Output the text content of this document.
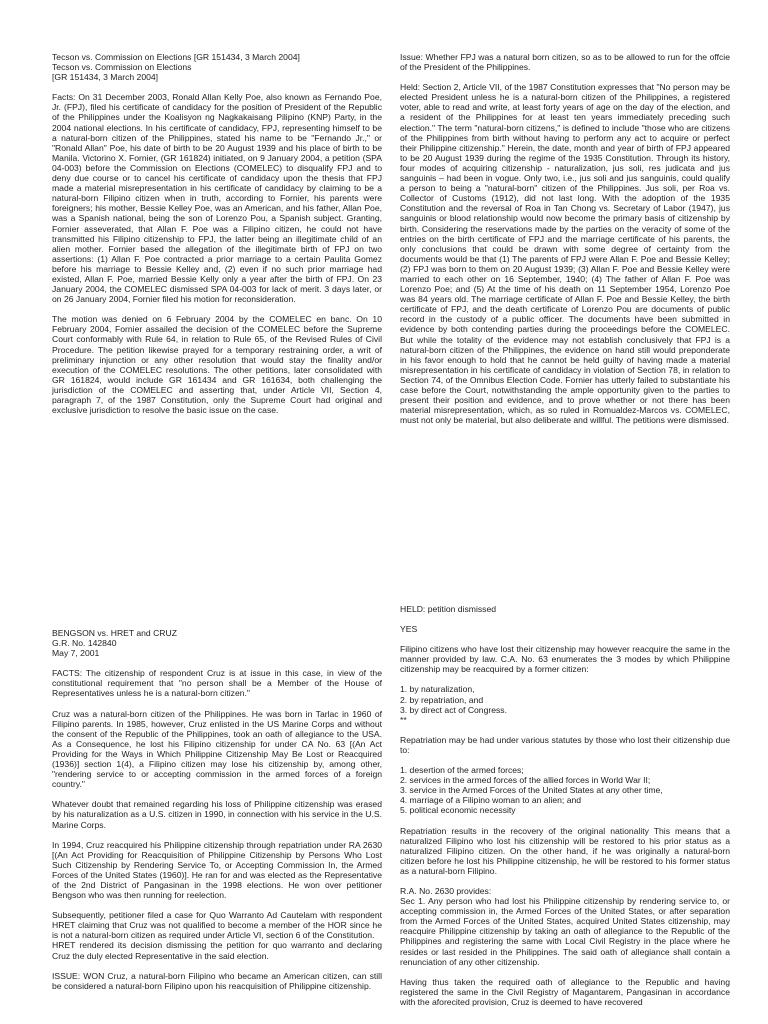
Tecson vs. Commission on Elections [GR 151434, 3 March 2004]
Tecson vs. Commission on Elections
[GR 151434, 3 March 2004]

Facts: On 31 December 2003, Ronald Allan Kelly Poe, also known as Fernando Poe, Jr. (FPJ), filed his certificate of candidacy for the position of President of the Republic of the Philippines under the Koalisyon ng Nagkakaisang Pilipino (KNP) Party, in the 2004 national elections. In his certificate of candidacy, FPJ, representing himself to be a natural-born citizen of the Philippines, stated his name to be "Fernando Jr.," or "Ronald Allan" Poe, his date of birth to be 20 August 1939 and his place of birth to be Manila. Victorino X. Fornier, (GR 161824) initiated, on 9 January 2004, a petition (SPA 04-003) before the Commission on Elections (COMELEC) to disqualify FPJ and to deny due course or to cancel his certificate of candidacy upon the thesis that FPJ made a material misrepresentation in his certificate of candidacy by claiming to be a natural-born Filipino citizen when in truth, according to Fornier, his parents were foreigners; his mother, Bessie Kelley Poe, was an American, and his father, Allan Poe, was a Spanish national, being the son of Lorenzo Pou, a Spanish subject. Granting, Fornier asseverated, that Allan F. Poe was a Filipino citizen, he could not have transmitted his Filipino citizenship to FPJ, the latter being an illegitimate child of an alien mother. Fornier based the allegation of the illegitimate birth of FPJ on two assertions: (1) Allan F. Poe contracted a prior marriage to a certain Paulita Gomez before his marriage to Bessie Kelley and, (2) even if no such prior marriage had existed, Allan F. Poe, married Bessie Kelly only a year after the birth of FPJ. On 23 January 2004, the COMELEC dismissed SPA 04-003 for lack of merit. 3 days later, or on 26 January 2004, Fornier filed his motion for reconsideration.

The motion was denied on 6 February 2004 by the COMELEC en banc. On 10 February 2004, Fornier assailed the decision of the COMELEC before the Supreme Court conformably with Rule 64, in relation to Rule 65, of the Revised Rules of Civil Procedure. The petition likewise prayed for a temporary restraining order, a writ of preliminary injunction or any other resolution that would stay the finality and/or execution of the COMELEC resolutions. The other petitions, later consolidated with GR 161824, would include GR 161434 and GR 161634, both challenging the jurisdiction of the COMELEC and asserting that, under Article VII, Section 4, paragraph 7, of the 1987 Constitution, only the Supreme Court had original and exclusive jurisdiction to resolve the basic issue on the case.

Issue: Whether FPJ was a natural born citizen, so as to be allowed to run for the offcie of the President of the Philippines.

Held: Section 2, Article VII, of the 1987 Constitution expresses that "No person may be elected President unless he is a natural-born citizen of the Philippines, a registered voter, able to read and write, at least forty years of age on the day of the election, and a resident of the Philippines for at least ten years immediately preceding such election." The term "natural-born citizens," is defined to include "those who are citizens of the Philippines from birth without having to perform any act to acquire or perfect their Philippine citizenship." Herein, the date, month and year of birth of FPJ appeared to be 20 August 1939 during the regime of the 1935 Constitution. Through its history, four modes of acquiring citizenship - naturalization, jus soli, res judicata and jus sanguinis – had been in vogue. Only two, i.e., jus soli and jus sanguinis, could qualify a person to being a "natural-born" citizen of the Philippines. Jus soli, per Roa vs. Collector of Customs (1912), did not last long. With the adoption of the 1935 Constitution and the reversal of Roa in Tan Chong vs. Secretary of Labor (1947), jus sanguinis or blood relationship would now become the primary basis of citizenship by birth. Considering the reservations made by the parties on the veracity of some of the entries on the birth certificate of FPJ and the marriage certificate of his parents, the only conclusions that could be drawn with some degree of certainty from the documents would be that (1) The parents of FPJ were Allan F. Poe and Bessie Kelley; (2) FPJ was born to them on 20 August 1939; (3) Allan F. Poe and Bessie Kelley were married to each other on 16 September, 1940; (4) The father of Allan F. Poe was Lorenzo Poe; and (5) At the time of his death on 11 September 1954, Lorenzo Poe was 84 years old. The marriage certificate of Allan F. Poe and Bessie Kelley, the birth certificate of FPJ, and the death certificate of Lorenzo Pou are documents of public record in the custody of a public officer. The documents have been submitted in evidence by both contending parties during the proceedings before the COMELEC. But while the totality of the evidence may not establish conclusively that FPJ is a natural-born citizen of the Philippines, the evidence on hand still would preponderate in his favor enough to hold that he cannot be held guilty of having made a material misrepresentation in his certificate of candidacy in violation of Section 78, in relation to Section 74, of the Omnibus Election Code. Fornier has utterly failed to substantiate his case before the Court, notwithstanding the ample opportunity given to the parties to present their position and evidence, and to prove whether or not there has been material misrepresentation, which, as so ruled in Romualdez-Marcos vs. COMELEC, must not only be material, but also deliberate and willful. The petitions were dismissed.

BENGSON vs. HRET and CRUZ
G.R. No. 142840
May 7, 2001

FACTS: The citizenship of respondent Cruz is at issue in this case, in view of the constitutional requirement that "no person shall be a Member of the House of Representatives unless he is a natural-born citizen."

Cruz was a natural-born citizen of the Philippines. He was born in Tarlac in 1960 of Filipino parents. In 1985, however, Cruz enlisted in the US Marine Corps and without the consent of the Republic of the Philippines, took an oath of allegiance to the USA. As a Consequence, he lost his Filipino citizenship for under CA No. 63 [(An Act Providing for the Ways in Which Philippine Citizenship May Be Lost or Reacquired (1936)] section 1(4), a Filipino citizen may lose his citizenship by, among other, "rendering service to or accepting commission in the armed forces of a foreign country."

Whatever doubt that remained regarding his loss of Philippine citizenship was erased by his naturalization as a U.S. citizen in 1990, in connection with his service in the U.S. Marine Corps.

In 1994, Cruz reacquired his Philippine citizenship through repatriation under RA 2630 [(An Act Providing for Reacquisition of Philippine Citizenship by Persons Who Lost Such Citizenship by Rendering Service To, or Accepting Commission In, the Armed Forces of the United States (1960)]. He ran for and was elected as the Representative of the 2nd District of Pangasinan in the 1998 elections. He won over petitioner Bengson who was then running for reelection.

Subsequently, petitioner filed a case for Quo Warranto Ad Cautelam with respondent HRET claiming that Cruz was not qualified to become a member of the HOR since he is not a natural-born citizen as required under Article VI, section 6 of the Constitution.

HRET rendered its decision dismissing the petition for quo warranto and declaring Cruz the duly elected Representative in the said election.

ISSUE: WON Cruz, a natural-born Filipino who became an American citizen, can still be considered a natural-born Filipino upon his reacquisition of Philippine citizenship.

HELD: petition dismissed

YES

Filipino citizens who have lost their citizenship may however reacquire the same in the manner provided by law. C.A. No. 63 enumerates the 3 modes by which Philippine citizenship may be reacquired by a former citizen:

1. by naturalization,
2. by repatriation, and
3. by direct act of Congress.
**

Repatriation may be had under various statutes by those who lost their citizenship due to:

1. desertion of the armed forces;
2. services in the armed forces of the allied forces in World War II;
3. service in the Armed Forces of the United States at any other time,
4. marriage of a Filipino woman to an alien; and
5. political economic necessity

Repatriation results in the recovery of the original nationality This means that a naturalized Filipino who lost his citizenship will be restored to his prior status as a naturalized Filipino citizen. On the other hand, if he was originally a natural-born citizen before he lost his Philippine citizenship, he will be restored to his former status as a natural-born Filipino.

R.A. No. 2630 provides:

Sec 1. Any person who had lost his Philippine citizenship by rendering service to, or accepting commission in, the Armed Forces of the United States, or after separation from the Armed Forces of the United States, acquired United States citizenship, may reacquire Philippine citizenship by taking an oath of allegiance to the Republic of the Philippines and registering the same with Local Civil Registry in the place where he resides or last resided in the Philippines. The said oath of allegiance shall contain a renunciation of any other citizenship.

Having thus taken the required oath of allegiance to the Republic and having registered the same in the Civil Registry of Magantarem, Pangasinan in accordance with the aforecited provision, Cruz is deemed to have recovered
